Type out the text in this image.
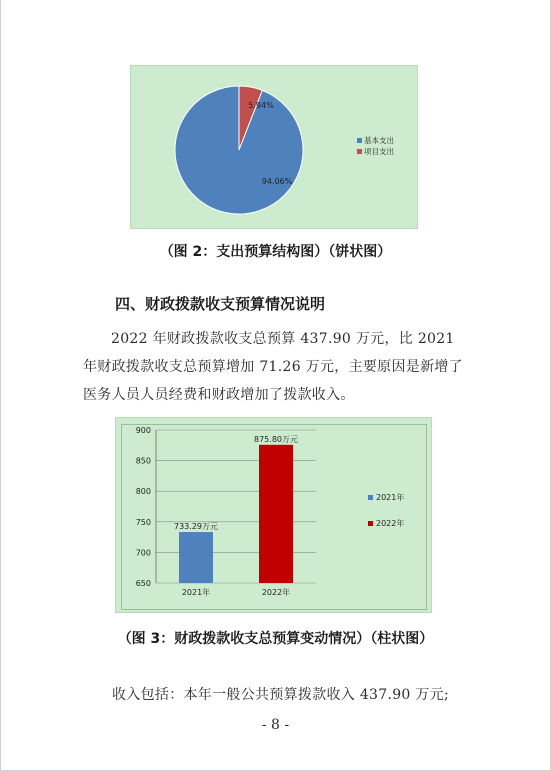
5.94%
94.06%
基本支出
项目支出
（图 2：支出预算结构图）（饼状图）
四、财政拨款收支预算情况说明
2022 年财政拨款收支总预算 437.90 万元，比 2021 年财政拨款收支总预算增加 71.26 万元，主要原因是新增了医务人员人员经费和财政增加了拨款收入。
650
700
750
800
850
900
733.29万元
875.80万元
2021年	2022年
2021年
2022年
（图 3：财政拨款收支总预算变动情况）（柱状图）
收入包括：本年一般公共预算拨款收入 437.90 万元;
- 8 -
